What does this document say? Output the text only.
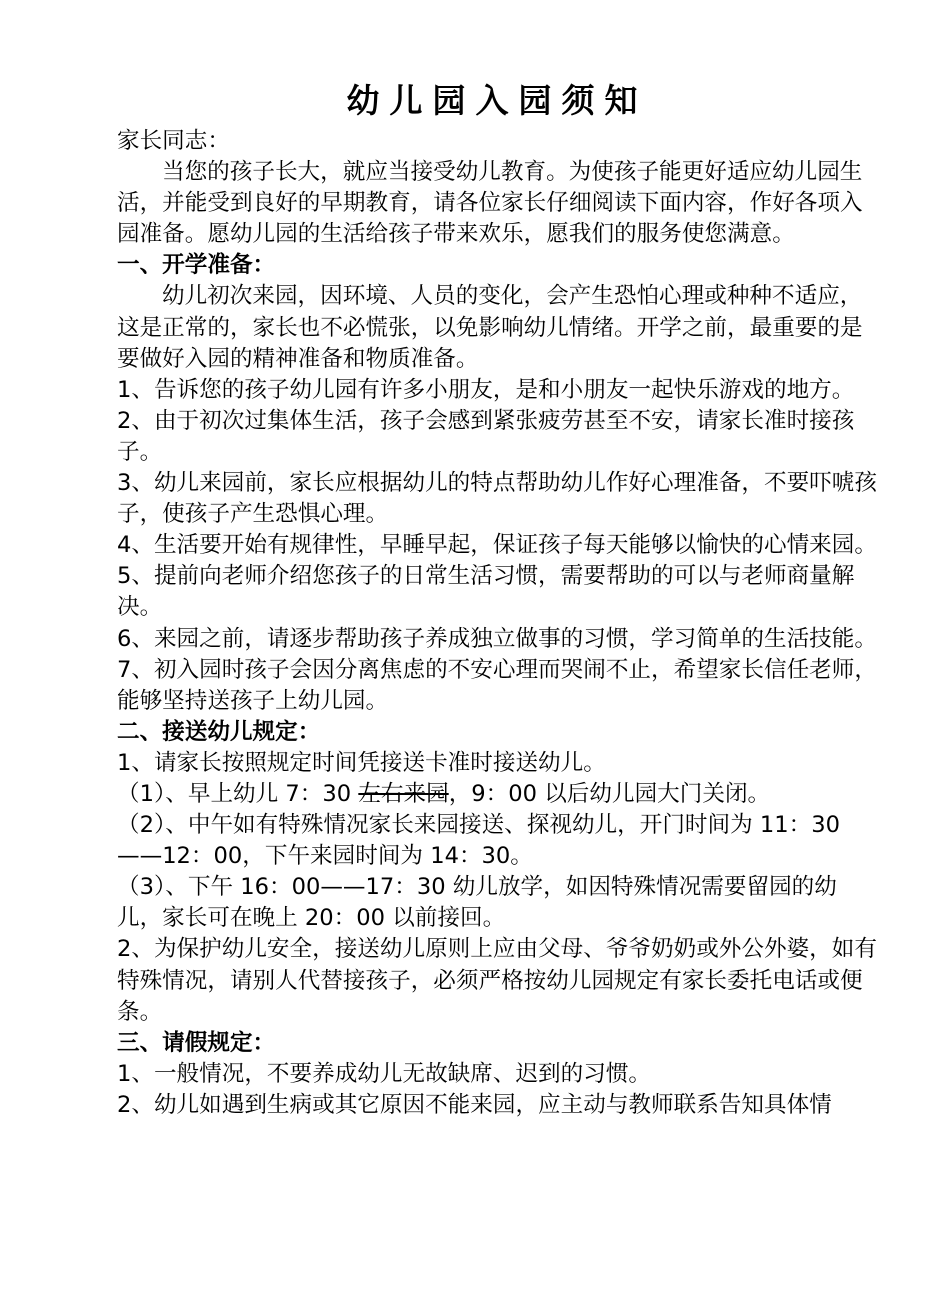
幼儿园入园须知

家长同志：

当您的孩子长大，就应当接受幼儿教育。为使孩子能更好适应幼儿园生活，并能受到良好的早期教育，请各位家长仔细阅读下面内容，作好各项入园准备。愿幼儿园的生活给孩子带来欢乐，愿我们的服务使您满意。

一、开学准备：

幼儿初次来园，因环境、人员的变化，会产生恐怕心理或种种不适应，这是正常的，家长也不必慌张，以免影响幼儿情绪。开学之前，最重要的是要做好入园的精神准备和物质准备。

1、告诉您的孩子幼儿园有许多小朋友，是和小朋友一起快乐游戏的地方。

2、由于初次过集体生活，孩子会感到紧张疲劳甚至不安，请家长准时接孩子。

3、幼儿来园前，家长应根据幼儿的特点帮助幼儿作好心理准备，不要吓唬孩子，使孩子产生恐惧心理。

4、生活要开始有规律性，早睡早起，保证孩子每天能够以愉快的心情来园。

5、提前向老师介绍您孩子的日常生活习惯，需要帮助的可以与老师商量解决。

6、来园之前，请逐步帮助孩子养成独立做事的习惯，学习简单的生活技能。

7、初入园时孩子会因分离焦虑的不安心理而哭闹不止，希望家长信任老师，能够坚持送孩子上幼儿园。

二、接送幼儿规定：

1、请家长按照规定时间凭接送卡准时接送幼儿。

（1）、早上幼儿 7：30 左右来园，9：00 以后幼儿园大门关闭。

（2）、中午如有特殊情况家长来园接送、探视幼儿，开门时间为 11：30——12：00，下午来园时间为 14：30。

（3）、下午 16：00——17：30 幼儿放学，如因特殊情况需要留园的幼儿，家长可在晚上 20：00 以前接回。

2、为保护幼儿安全，接送幼儿原则上应由父母、爷爷奶奶或外公外婆，如有特殊情况，请别人代替接孩子，必须严格按幼儿园规定有家长委托电话或便条。

三、请假规定：

1、一般情况，不要养成幼儿无故缺席、迟到的习惯。

2、幼儿如遇到生病或其它原因不能来园，应主动与教师联系告知具体情
